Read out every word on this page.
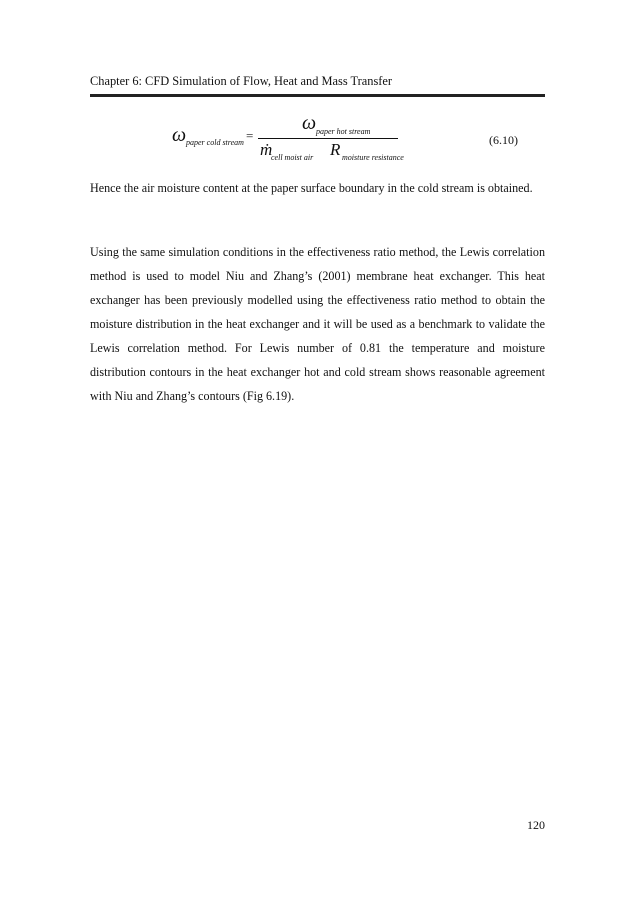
Chapter 6: CFD Simulation of Flow, Heat and Mass Transfer
ω paper cold stream =
ω paper hot stream
ṁ
cell moist air R moisture resistance
(6.10)
Hence the air moisture content at the paper surface boundary in the cold stream is obtained.
Using the same simulation conditions in the effectiveness ratio method, the Lewis correlation method is used to model Niu and Zhang’s (2001) membrane heat exchanger. This heat exchanger has been previously modelled using the effectiveness ratio method to obtain the moisture distribution in the heat exchanger and it will be used as a benchmark to validate the Lewis correlation method. For Lewis number of 0.81 the temperature and moisture distribution contours in the heat exchanger hot and cold stream shows reasonable agreement with Niu and Zhang’s contours (Fig 6.19).
120
